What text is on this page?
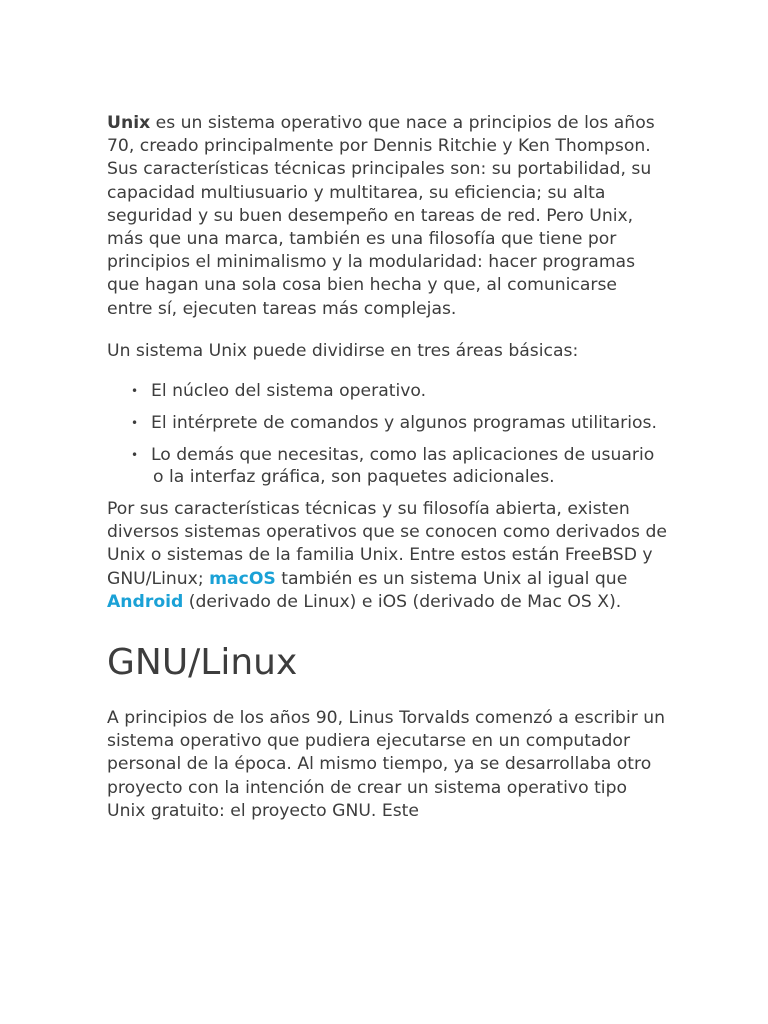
Unix es un sistema operativo que nace a principios de los años 70, creado principalmente por Dennis Ritchie y Ken Thompson. Sus características técnicas principales son: su portabilidad, su capacidad multiusuario y multitarea, su eficiencia; su alta seguridad y su buen desempeño en tareas de red. Pero Unix, más que una marca, también es una filosofía que tiene por principios el minimalismo y la modularidad: hacer programas que hagan una sola cosa bien hecha y que, al comunicarse entre sí, ejecuten tareas más complejas.

Un sistema Unix puede dividirse en tres áreas básicas:

• El núcleo del sistema operativo.
• El intérprete de comandos y algunos programas utilitarios.
• Lo demás que necesitas, como las aplicaciones de usuario o la interfaz gráfica, son paquetes adicionales.

Por sus características técnicas y su filosofía abierta, existen diversos sistemas operativos que se conocen como derivados de Unix o sistemas de la familia Unix. Entre estos están FreeBSD y GNU/Linux; macOS también es un sistema Unix al igual que Android (derivado de Linux) e iOS (derivado de Mac OS X).

GNU/Linux

A principios de los años 90, Linus Torvalds comenzó a escribir un sistema operativo que pudiera ejecutarse en un computador personal de la época. Al mismo tiempo, ya se desarrollaba otro proyecto con la intención de crear un sistema operativo tipo Unix gratuito: el proyecto GNU. Este
